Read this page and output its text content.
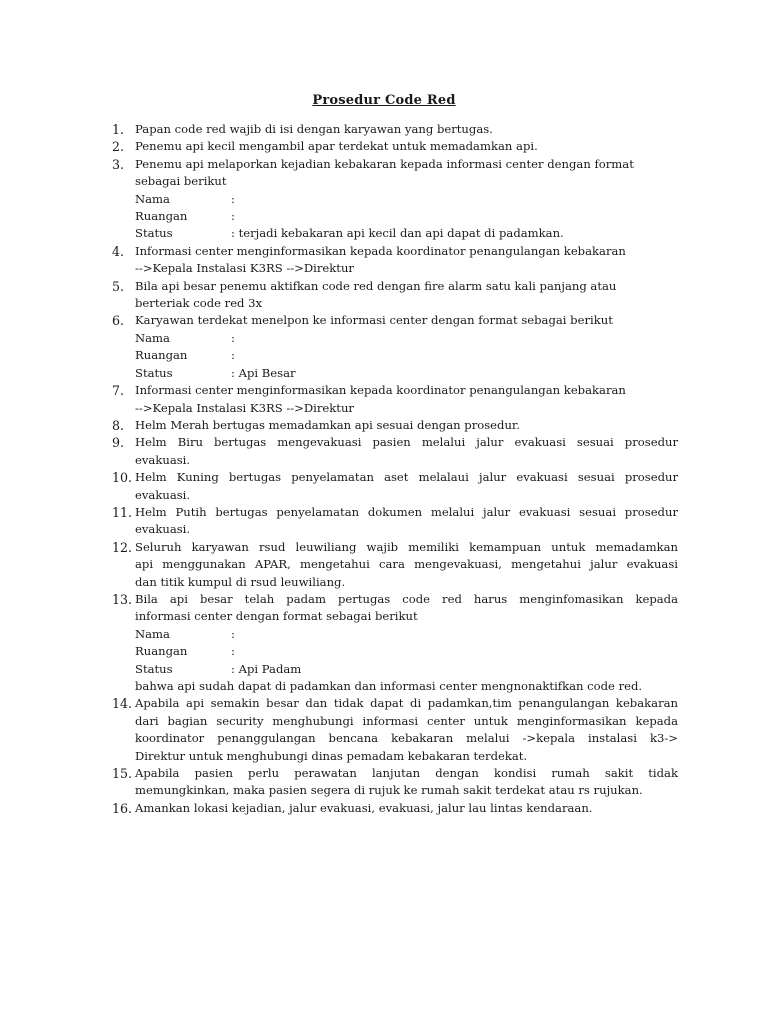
Prosedur Code Red
1. Papan code red wajib di isi dengan karyawan yang bertugas.
2. Penemu api kecil mengambil apar terdekat untuk memadamkan api.
3. Penemu api melaporkan kejadian kebakaran kepada informasi center dengan format
sebagai berikut
Nama	:
Ruangan	:
Status	: terjadi kebakaran api kecil dan api dapat di padamkan.
4. Informasi center menginformasikan kepada koordinator penangulangan kebakaran
-->Kepala Instalasi K3RS -->Direktur
5. Bila api besar penemu aktifkan code red dengan fire alarm satu kali panjang atau
berteriak code red 3x
6. Karyawan terdekat menelpon ke informasi center dengan format sebagai berikut
Nama	:
Ruangan	:
Status	: Api Besar
7. Informasi center menginformasikan kepada koordinator penangulangan kebakaran
-->Kepala Instalasi K3RS -->Direktur
8. Helm Merah bertugas memadamkan api sesuai dengan prosedur.
9. Helm Biru bertugas mengevakuasi pasien melalui jalur evakuasi sesuai prosedur
evakuasi.
10. Helm Kuning bertugas penyelamatan aset melalaui jalur evakuasi sesuai prosedur
evakuasi.
11. Helm Putih bertugas penyelamatan dokumen melalui jalur evakuasi sesuai prosedur
evakuasi.
12. Seluruh karyawan rsud leuwiliang wajib memiliki kemampuan untuk memadamkan
api menggunakan APAR, mengetahui cara mengevakuasi, mengetahui jalur evakuasi
dan titik kumpul di rsud leuwiliang.
13. Bila api besar telah padam pertugas code red harus menginfomasikan kepada
informasi center dengan format sebagai berikut
Nama	:
Ruangan	:
Status	: Api Padam
bahwa api sudah dapat di padamkan dan informasi center mengnonaktifkan code red.
14. Apabila api semakin besar dan tidak dapat di padamkan,tim penangulangan kebakaran
dari bagian security menghubungi informasi center untuk menginformasikan kepada
koordinator penanggulangan bencana kebakaran melalui ->kepala instalasi k3->
Direktur untuk menghubungi dinas pemadam kebakaran terdekat.
15. Apabila pasien perlu perawatan lanjutan dengan kondisi rumah sakit tidak
memungkinkan, maka pasien segera di rujuk ke rumah sakit terdekat atau rs rujukan.
16. Amankan lokasi kejadian, jalur evakuasi, evakuasi, jalur lau lintas kendaraan.
